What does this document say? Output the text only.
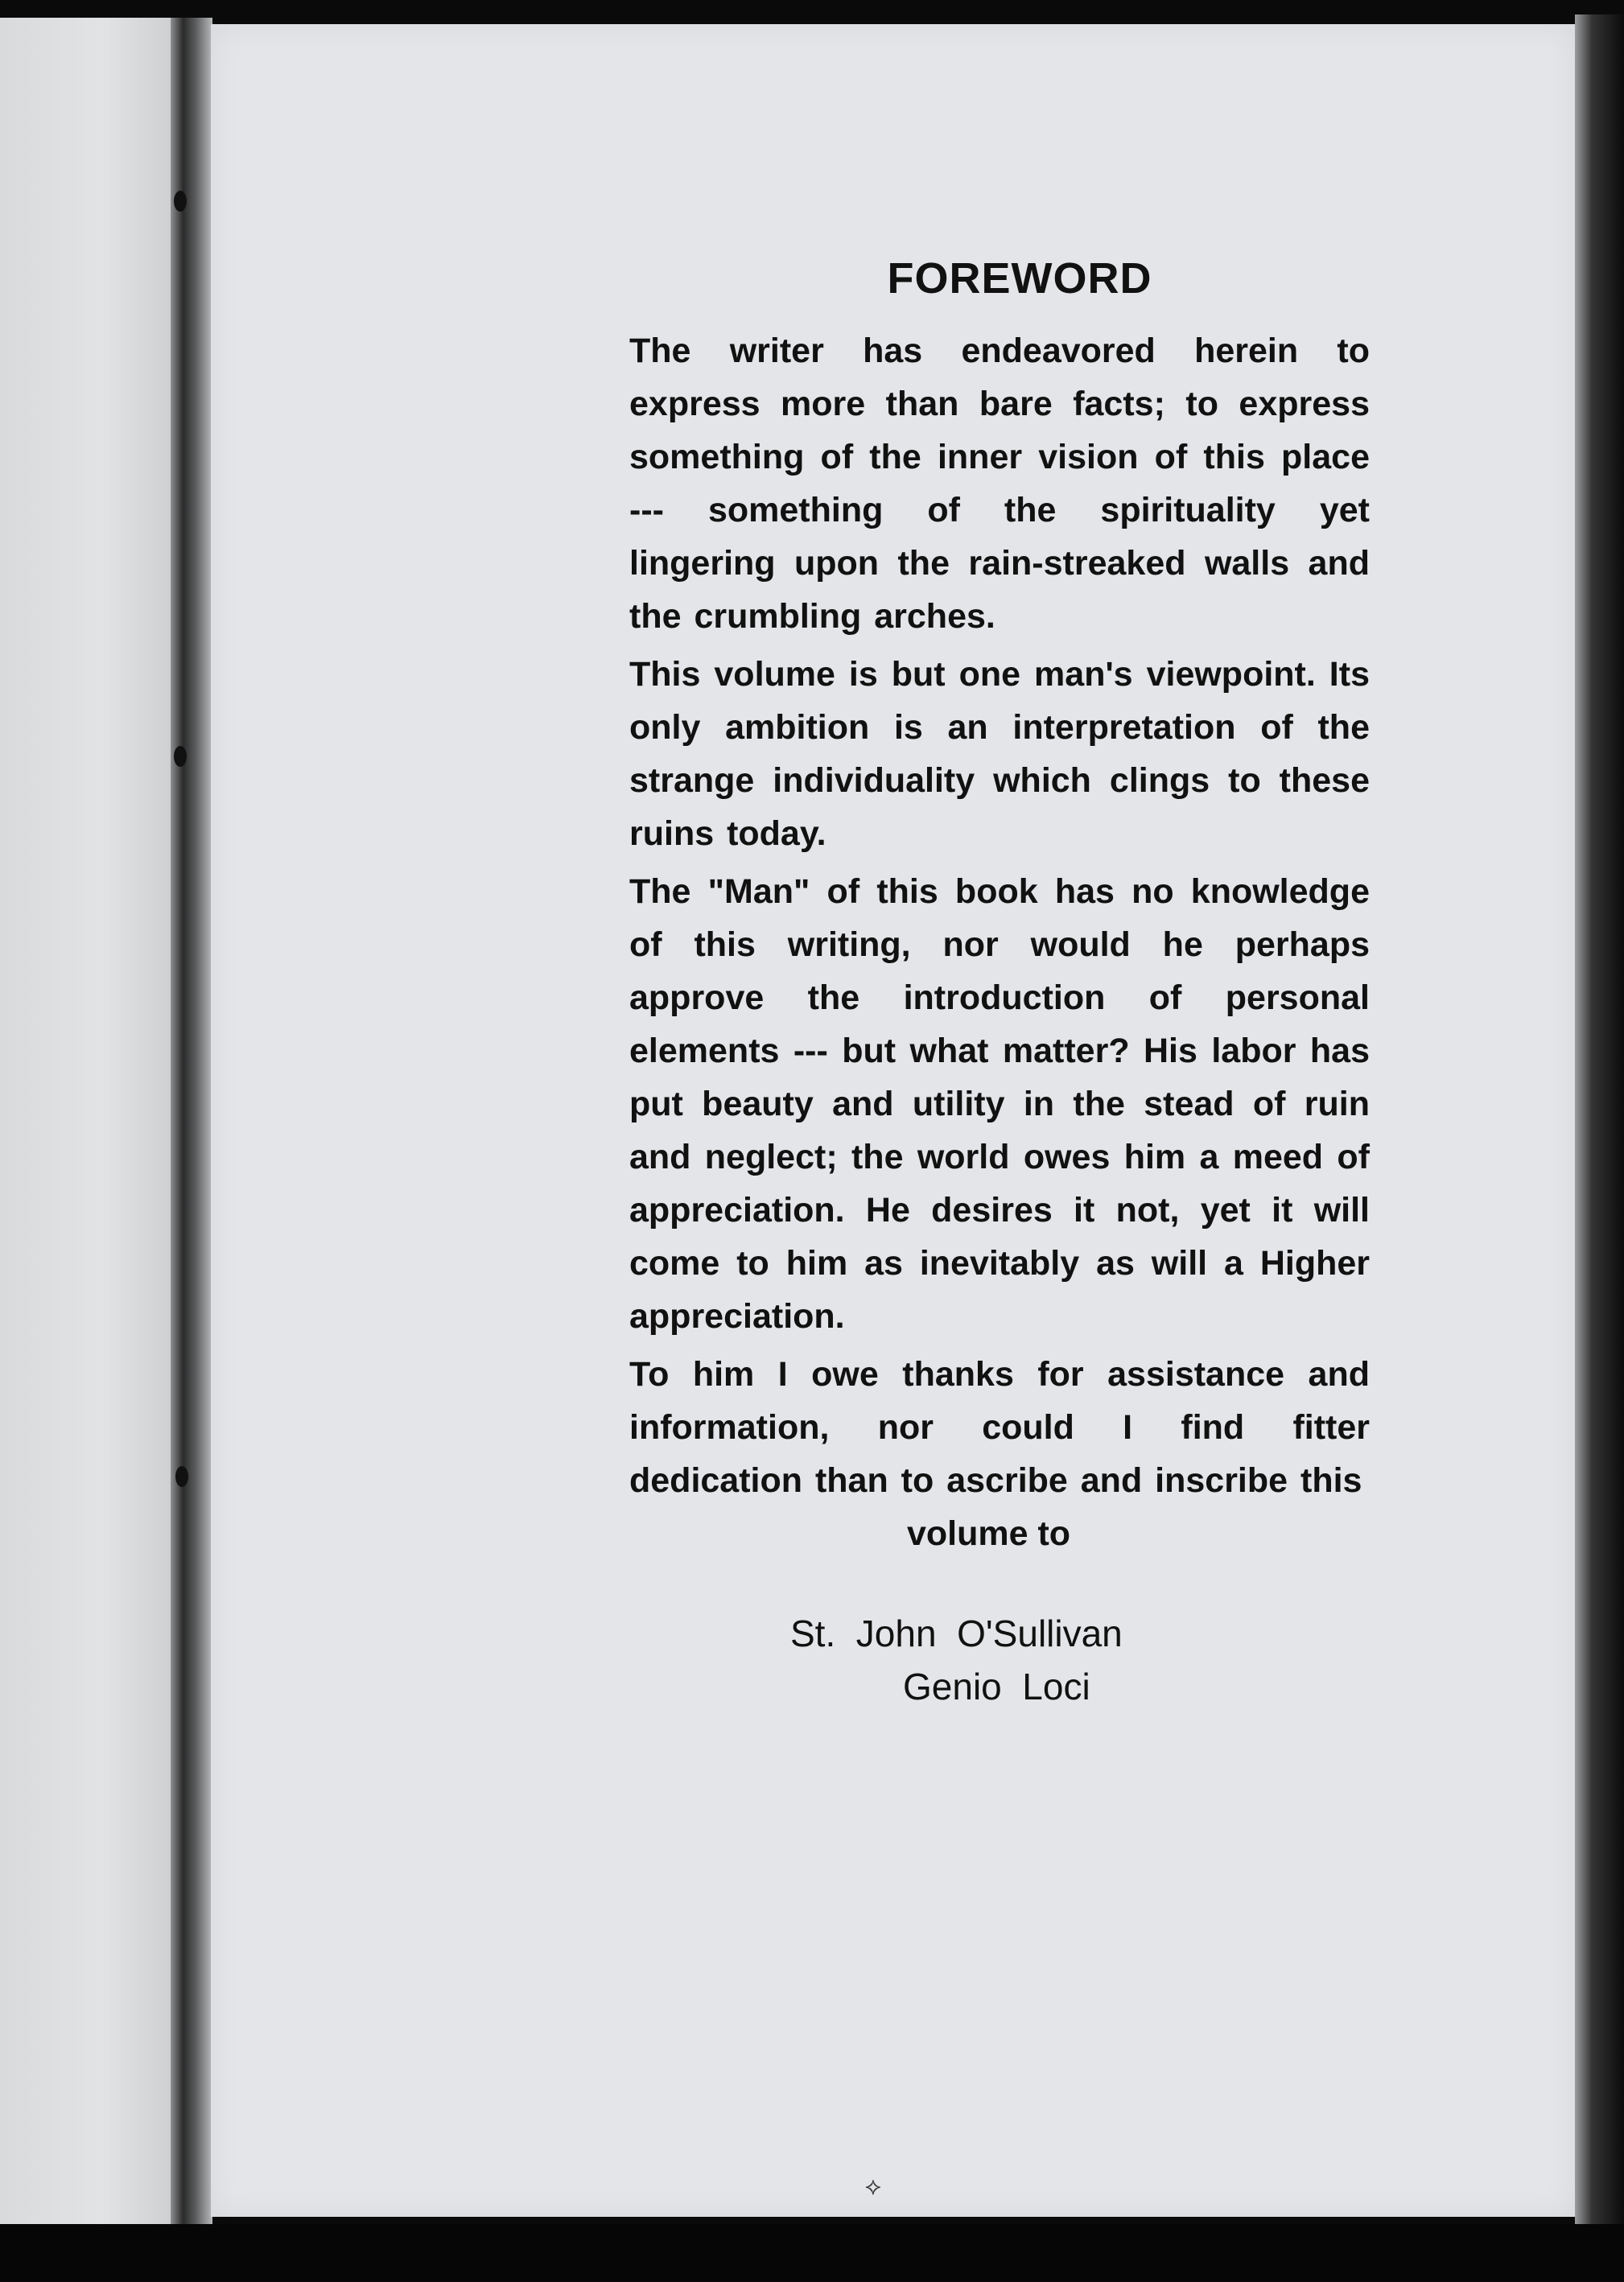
FOREWORD

The writer has endeavored herein to express more than bare facts; to express something of the inner vision of this place --- something of the spirituality yet lingering upon the rain-streaked walls and the crumbling arches.

This volume is but one man's viewpoint. Its only ambition is an interpretation of the strange individuality which clings to these ruins today.

The "Man" of this book has no knowledge of this writing, nor would he perhaps approve the introduction of personal elements --- but what matter? His labor has put beauty and utility in the stead of ruin and neglect; the world owes him a meed of appreciation. He desires it not, yet it will come to him as inevitably as will a Higher appreciation.

To him I owe thanks for assistance and information, nor could I find fitter dedication than to ascribe and inscribe this

volume to

St.  John  O'Sullivan
Genio  Loci
⟡
